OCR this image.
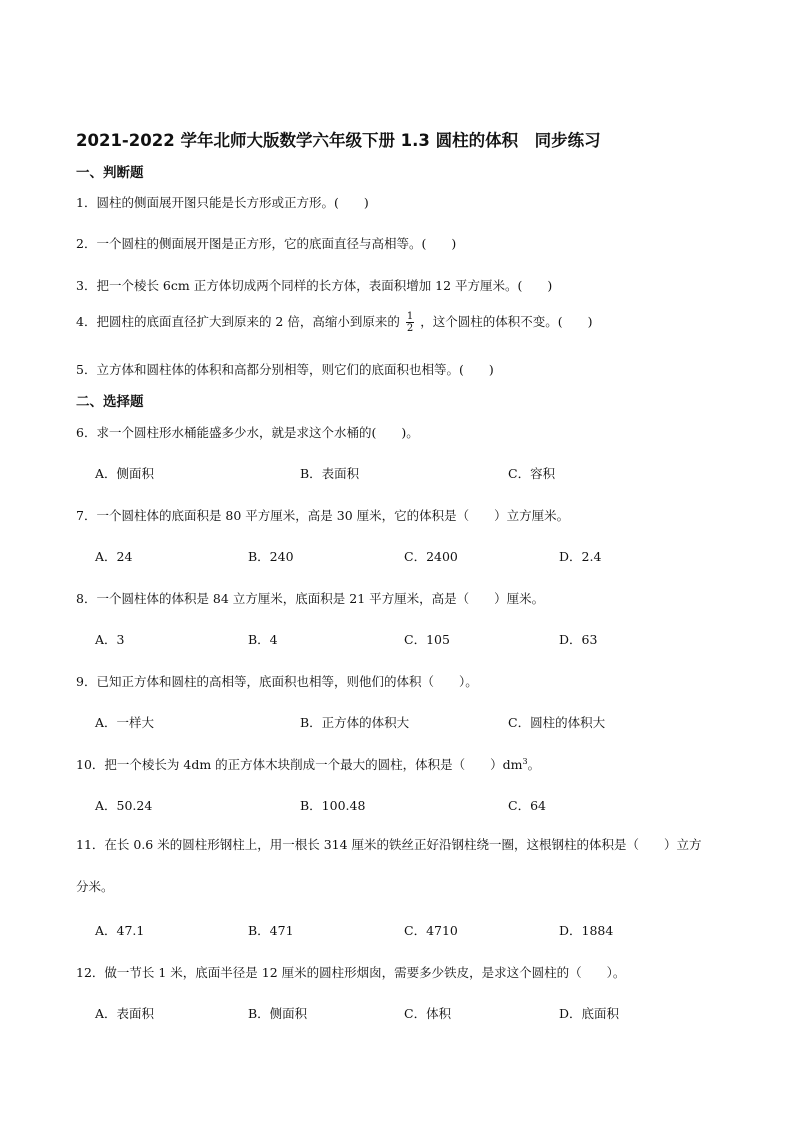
2021-2022 学年北师大版数学六年级下册 1.3 圆柱的体积　同步练习
一、判断题
1．圆柱的侧面展开图只能是长方形或正方形。(　　)
2．一个圆柱的侧面展开图是正方形，它的底面直径与高相等。(　　)
3．把一个棱长 6cm 正方体切成两个同样的长方体，表面积增加 12 平方厘米。(　　)
4．把圆柱的底面直径扩大到原来的 2 倍，高缩小到原来的 $\frac{1}{2}$ ，这个圆柱的体积不变。(　　)
5．立方体和圆柱体的体积和高都分别相等，则它们的底面积也相等。(　　)
二、选择题
6．求一个圆柱形水桶能盛多少水，就是求这个水桶的(　　)。
A．侧面积	B．表面积	C．容积
7．一个圆柱体的底面积是 80 平方厘米，高是 30 厘米，它的体积是（　　）立方厘米。
A．24	B．240	C．2400	D．2.4
8．一个圆柱体的体积是 84 立方厘米，底面积是 21 平方厘米，高是（　　）厘米。
A．3	B．4	C．105	D．63
9．已知正方体和圆柱的高相等，底面积也相等，则他们的体积（　　）。
A．一样大	B．正方体的体积大	C．圆柱的体积大
10．把一个棱长为 4dm 的正方体木块削成一个最大的圆柱，体积是（　　）$dm^3$。
A．50.24	B．100.48	C．64
11．在长 0.6 米的圆柱形钢柱上，用一根长 314 厘米的铁丝正好沿钢柱绕一圈，这根钢柱的体积是（　　）立方分米。
A．47.1	B．471	C．4710	D．1884
12．做一节长 1 米，底面半径是 12 厘米的圆柱形烟囱，需要多少铁皮，是求这个圆柱的（　　）。
A．表面积	B．侧面积	C．体积	D．底面积
